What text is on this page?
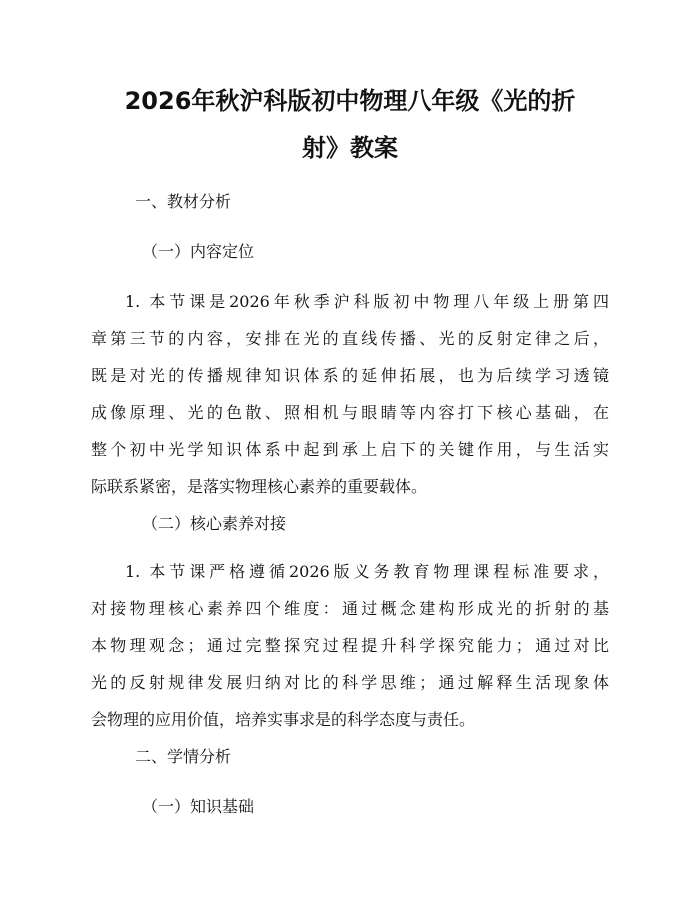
2026年秋沪科版初中物理八年级《光的折
射》教案
一、教材分析
（一）内容定位
1. 本节课是2026年秋季沪科版初中物理八年级上册第四
章第三节的内容，安排在光的直线传播、光的反射定律之后，
既是对光的传播规律知识体系的延伸拓展，也为后续学习透镜
成像原理、光的色散、照相机与眼睛等内容打下核心基础，在
整个初中光学知识体系中起到承上启下的关键作用，与生活实
际联系紧密，是落实物理核心素养的重要载体。
（二）核心素养对接
1. 本节课严格遵循2026版义务教育物理课程标准要求，
对接物理核心素养四个维度：通过概念建构形成光的折射的基
本物理观念；通过完整探究过程提升科学探究能力；通过对比
光的反射规律发展归纳对比的科学思维；通过解释生活现象体
会物理的应用价值，培养实事求是的科学态度与责任。
二、学情分析
（一）知识基础
